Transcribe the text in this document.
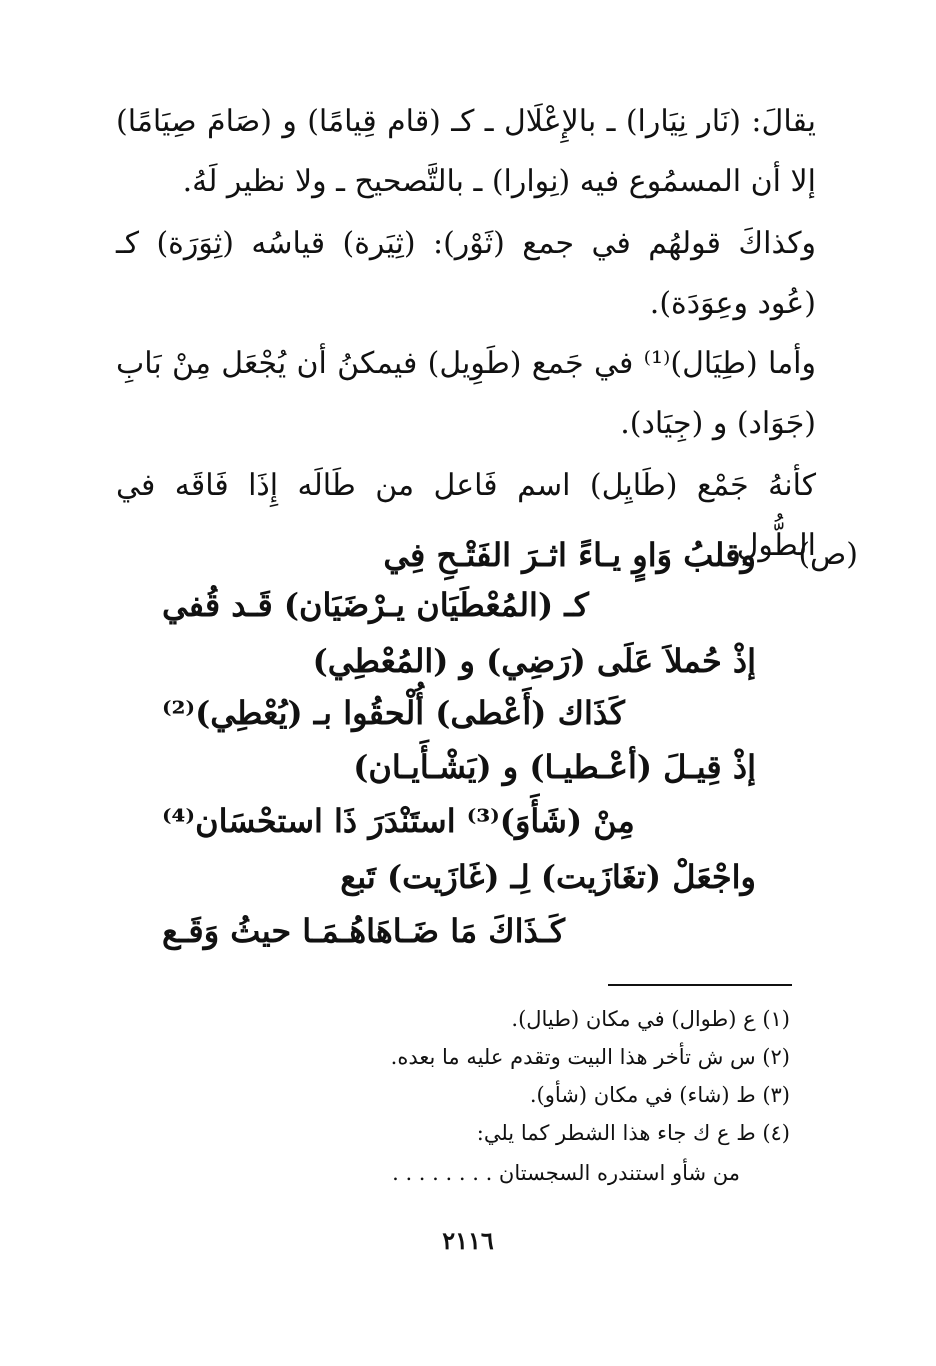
يقالَ: (نَار نِيَارا) ـ بالإِعْلَال ـ كـ (قام قِيامًا) و (صَامَ صِيَامًا) إلا أن المسمُوع فيه (نِوارا) ـ بالتَّصحيح ـ ولا نظير لَهُ.

وكذاكَ قولهُم في جمع (ثَوْر): (ثِيَرة) قياسُه (ثِوَرَة) كـ (عُود وعِوَدَة).

وأما (طِيَال)⁽¹⁾ في جَمع (طَوِيل) فيمكنُ أن يُجْعَل مِنْ بَابِ (جَوَاد) و (جِيَاد).

كأنهُ جَمْع (طَايِل) اسم فَاعل من طَالَه إِذَا فَاقَه في الطُّولِ.

(ص)

وقلبُ وَاوٍ يـاءً اثـرَ الفَتْـحِ فِي

كـ (المُعْطَيَان يـرْضَيَان) قَـد قُفي

إذْ حُملاَ عَلَى (رَضِي) و (المُعْطِي)

كَذَاك (أَعْطى) أُلْحقُوا بـ (يُعْطِي)⁽²⁾

إذْ قِيـلَ (أعْـطيـا) و (يَشْـأَيـان)

مِنْ (شَأَوَ)⁽³⁾ استَنْدَرَ ذَا استحْسَان⁽⁴⁾

واجْعَلْ (تغَازَيت) لِـ (غَازَيت) تَبع

كَـذَاكَ مَا ضَـاهَاهُـمَـا حيثُ وَقَـع

(١) ع (طوال) في مكان (طيال).

(٢) س ش تأخر هذا البيت وتقدم عليه ما بعده.

(٣) ط (شاء) في مكان (شأو).

(٤) ط ع ك جاء هذا الشطر كما يلي:

من شأو استندره السجستان . . . . . . . .

٢١١٦
